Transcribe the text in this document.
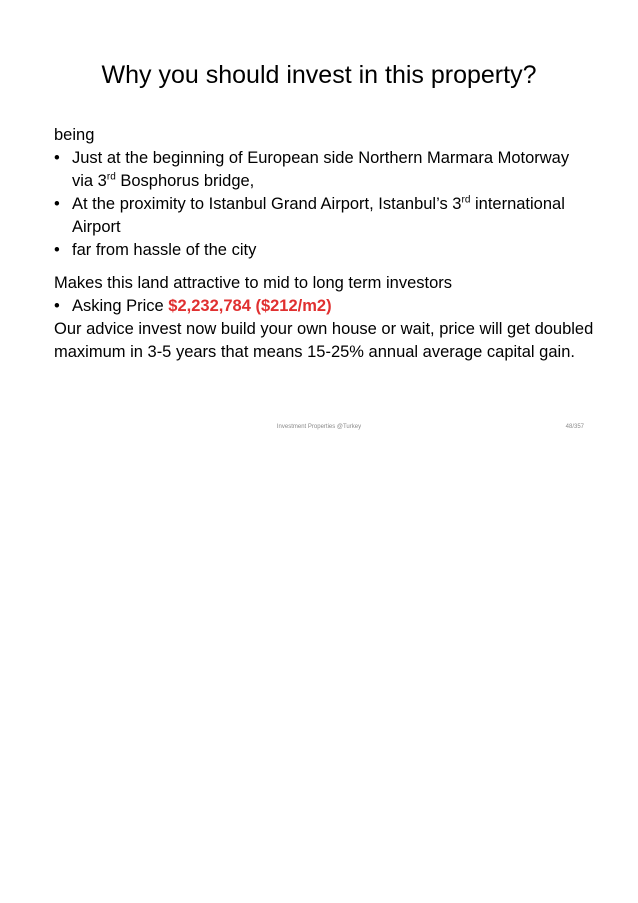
Why you should invest in this property?

being

• Just at the beginning of European side Northern Marmara Motorway via 3rd Bosphorus bridge,
• At the proximity to Istanbul Grand Airport, Istanbul’s 3rd international Airport
• far from hassle of the city

Makes this land attractive to mid to long term investors

• Asking Price $2,232,784 ($212/m2)

Our advice invest now build your own house or wait, price will get doubled maximum in 3-5 years that means 15-25% annual average capital gain.

Investment Properties @Turkey	48/357
